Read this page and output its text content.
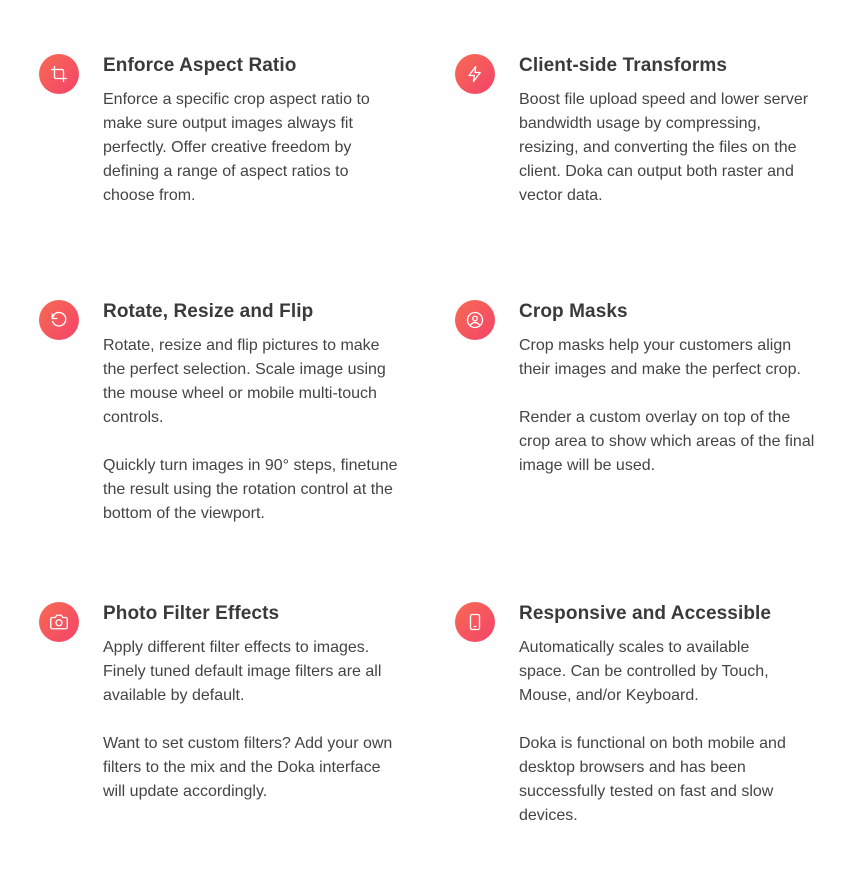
Enforce Aspect Ratio

Enforce a specific crop aspect ratio to make sure output images always fit perfectly. Offer creative freedom by defining a range of aspect ratios to choose from.

Client-side Transforms

Boost file upload speed and lower server bandwidth usage by compressing, resizing, and converting the files on the client. Doka can output both raster and vector data.

Rotate, Resize and Flip

Rotate, resize and flip pictures to make the perfect selection. Scale image using the mouse wheel or mobile multi-touch controls.

Quickly turn images in 90° steps, finetune the result using the rotation control at the bottom of the viewport.

Crop Masks

Crop masks help your customers align their images and make the perfect crop.

Render a custom overlay on top of the crop area to show which areas of the final image will be used.

Photo Filter Effects

Apply different filter effects to images. Finely tuned default image filters are all available by default.

Want to set custom filters? Add your own filters to the mix and the Doka interface will update accordingly.

Responsive and Accessible

Automatically scales to available space. Can be controlled by Touch, Mouse, and/or Keyboard.

Doka is functional on both mobile and desktop browsers and has been successfully tested on fast and slow devices.
